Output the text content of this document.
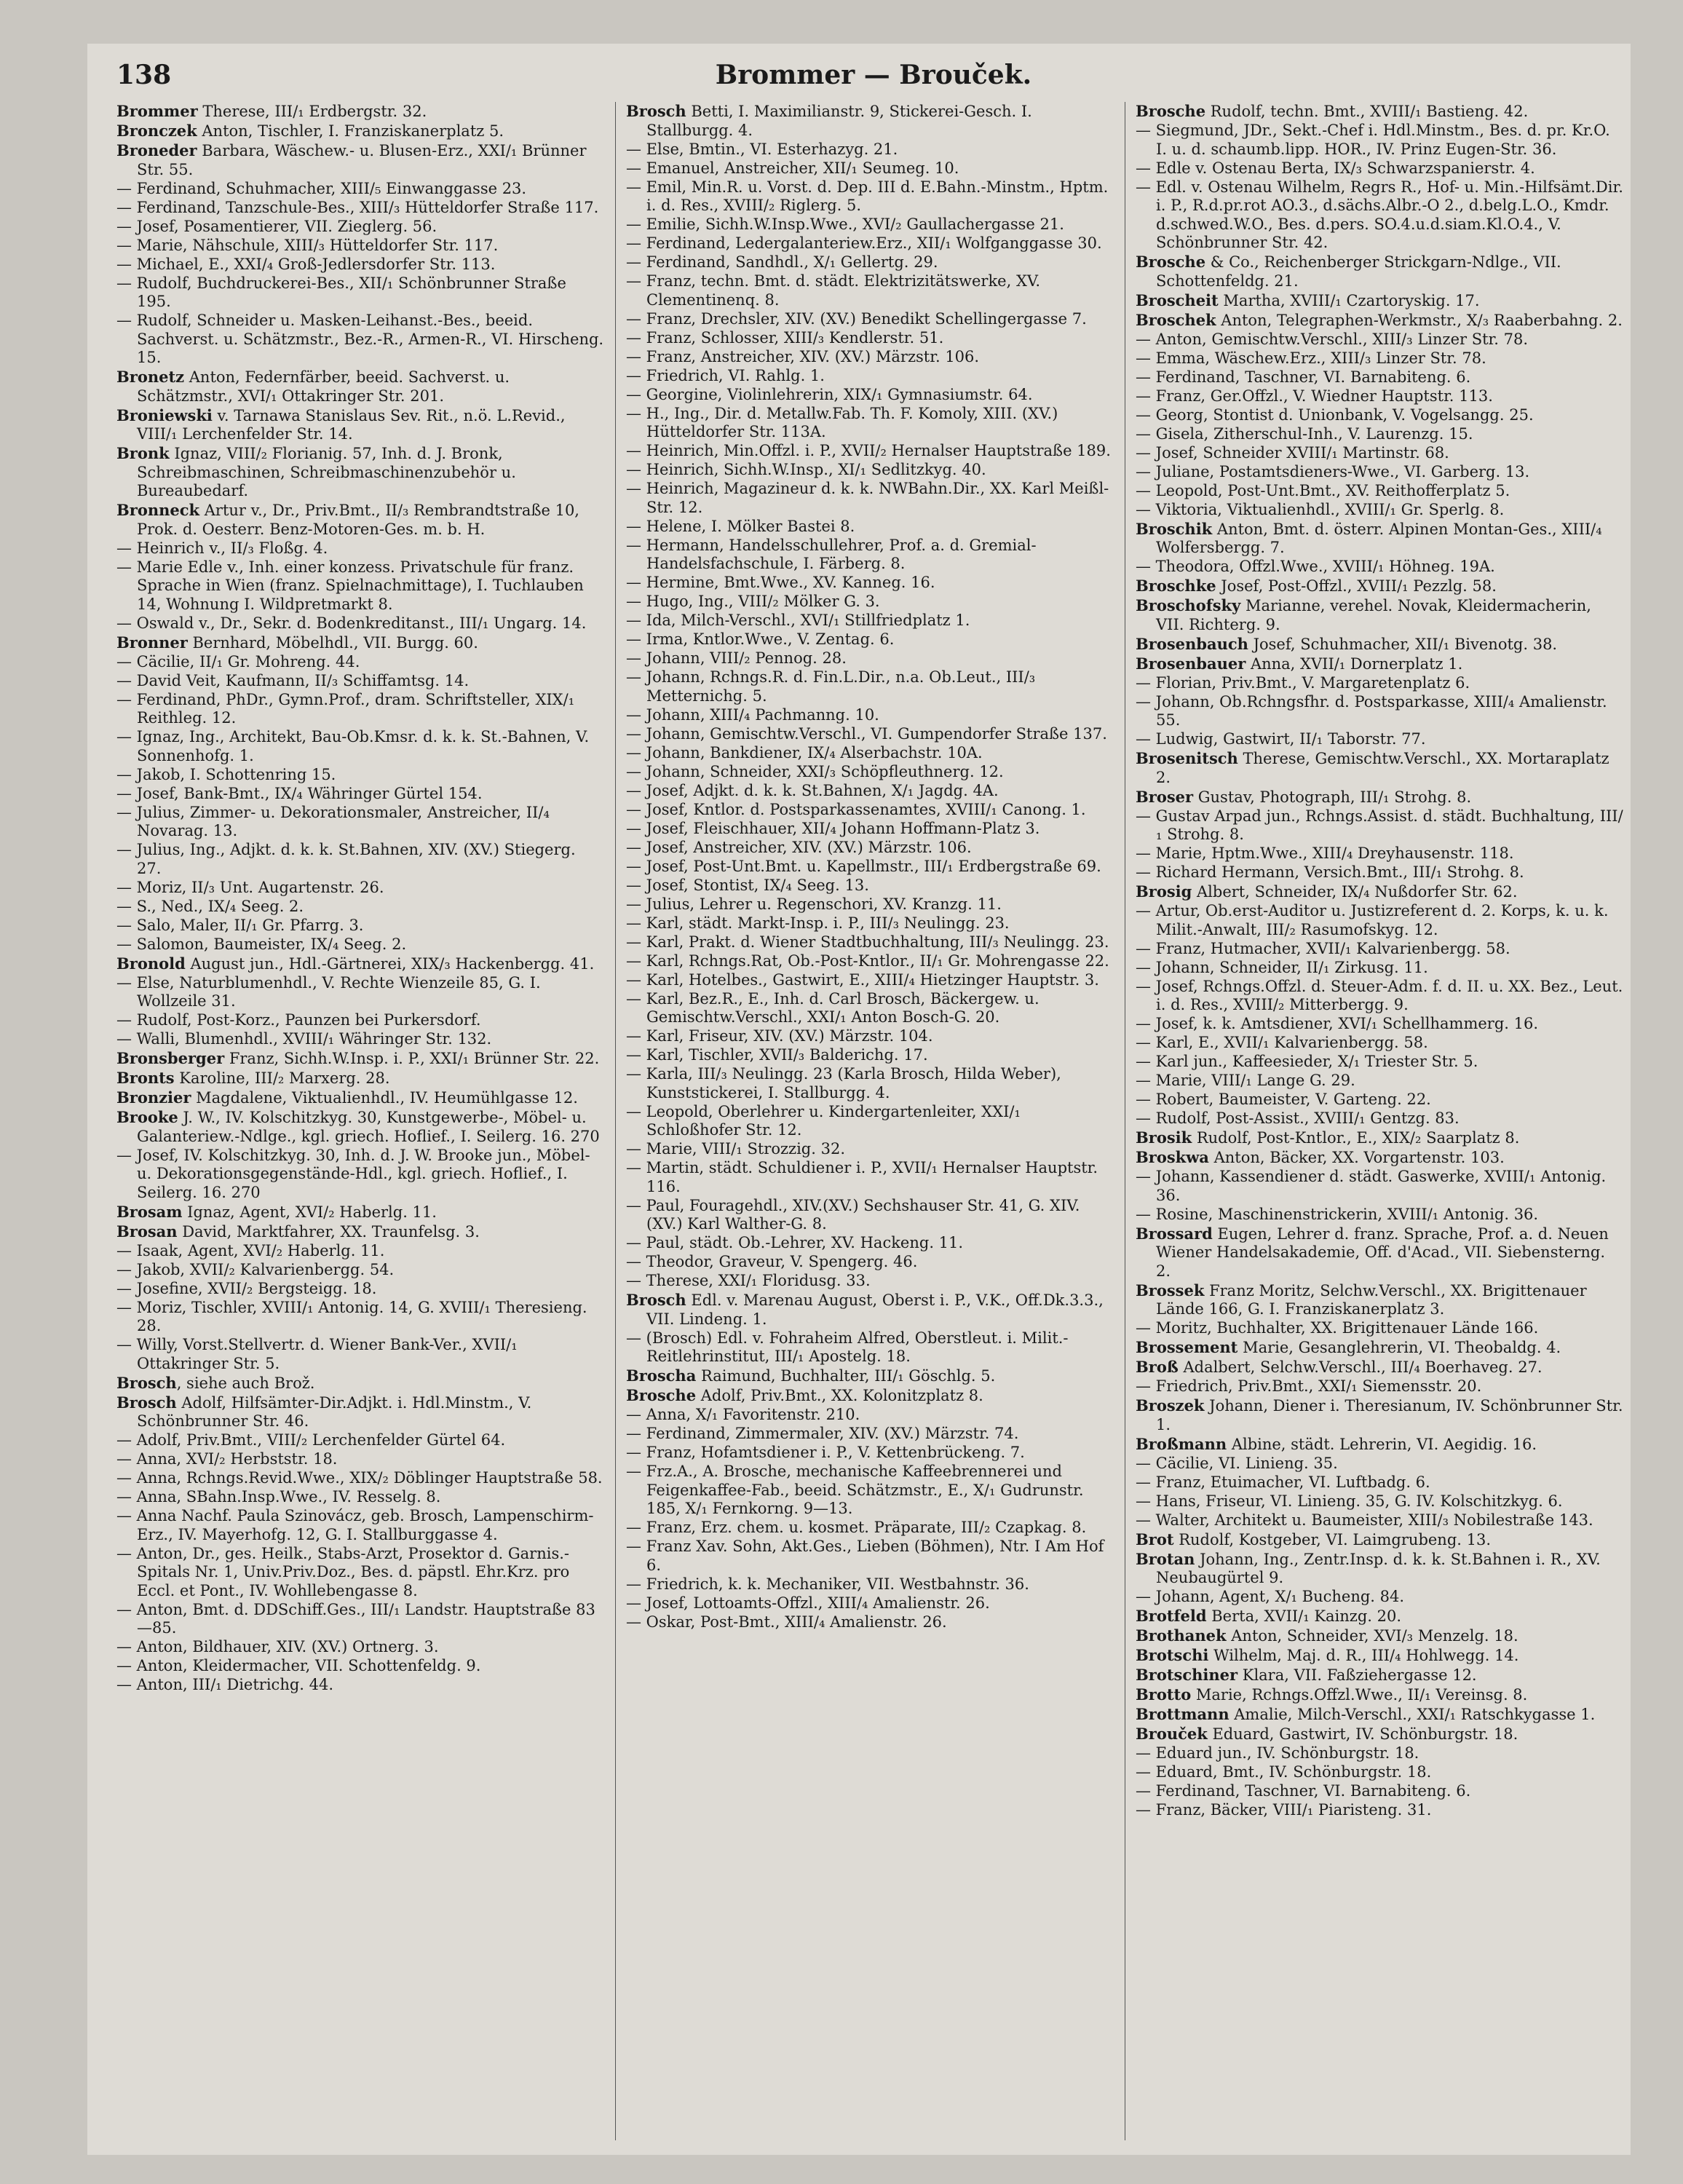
138	Brommer — Brouček.
Brommer Therese, III/₁ Erdbergstr. 32.
Bronczek Anton, Tischler, I. Franziskanerplatz 5.
Broneder Barbara, Wäschew.- u. Blusen-Erz., XXI/₁ Brünner Str. 55.
— Ferdinand, Schuhmacher, XIII/₅ Einwanggasse 23.
— Ferdinand, Tanzschule-Bes., XIII/₃ Hütteldorfer Straße 117.
— Josef, Posamentierer, VII. Zieglerg. 56.
— Marie, Nähschule, XIII/₃ Hütteldorfer Str. 117.
— Michael, E., XXI/₄ Groß-Jedlersdorfer Str. 113.
— Rudolf, Buchdruckerei-Bes., XII/₁ Schönbrunner Straße 195.
— Rudolf, Schneider u. Masken-Leihanst.-Bes., beeid. Sachverst. u. Schätzmstr., Bez.-R., Armen-R., VI. Hirscheng. 15.
Bronetz Anton, Federnfärber, beeid. Sachverst. u. Schätzmstr., XVI/₁ Ottakringer Str. 201.
Broniewski v. Tarnawa Stanislaus Sev. Rit., n.ö. L.Revid., VIII/₁ Lerchenfelder Str. 14.
Bronk Ignaz, VIII/₂ Florianig. 57, Inh. d. J. Bronk, Schreibmaschinen, Schreibmaschinenzubehör u. Bureaubedarf.
Bronneck Artur v., Dr., Priv.Bmt., II/₃ Rembrandtstraße 10, Prok. d. Oesterr. Benz-Motoren-Ges. m. b. H.
— Heinrich v., II/₃ Floßg. 4.
— Marie Edle v., Inh. einer konzess. Privatschule für franz. Sprache in Wien (franz. Spielnachmittage), I. Tuchlauben 14, Wohnung I. Wildpretmarkt 8.
— Oswald v., Dr., Sekr. d. Bodenkreditanst., III/₁ Ungarg. 14.
Bronner Bernhard, Möbelhdl., VII. Burgg. 60.
— Cäcilie, II/₁ Gr. Mohreng. 44.
— David Veit, Kaufmann, II/₃ Schiffamtsg. 14.
— Ferdinand, PhDr., Gymn.Prof., dram. Schriftsteller, XIX/₁ Reithleg. 12.
— Ignaz, Ing., Architekt, Bau-Ob.Kmsr. d. k. k. St.-Bahnen, V. Sonnenhofg. 1.
— Jakob, I. Schottenring 15.
— Josef, Bank-Bmt., IX/₄ Währinger Gürtel 154.
— Julius, Zimmer- u. Dekorationsmaler, Anstreicher, II/₄ Novarag. 13.
— Julius, Ing., Adjkt. d. k. k. St.Bahnen, XIV. (XV.) Stiegerg. 27.
— Moriz, II/₃ Unt. Augartenstr. 26.
— S., Ned., IX/₄ Seeg. 2.
— Salo, Maler, II/₁ Gr. Pfarrg. 3.
— Salomon, Baumeister, IX/₄ Seeg. 2.
Bronold August jun., Hdl.-Gärtnerei, XIX/₃ Hackenbergg. 41.
— Else, Naturblumenhdl., V. Rechte Wienzeile 85, G. I. Wollzeile 31.
— Rudolf, Post-Korz., Paunzen bei Purkersdorf.
— Walli, Blumenhdl., XVIII/₁ Währinger Str. 132.
Bronsberger Franz, Sichh.W.Insp. i. P., XXI/₁ Brünner Str. 22.
Bronts Karoline, III/₂ Marxerg. 28.
Bronzier Magdalene, Viktualienhdl., IV. Heumühlgasse 12.
Brooke J. W., IV. Kolschitzkyg. 30, Kunstgewerbe-, Möbel- u. Galanteriew.-Ndlge., kgl. griech. Hoflief., I. Seilerg. 16. 270
— Josef, IV. Kolschitzkyg. 30, Inh. d. J. W. Brooke jun., Möbel- u. Dekorationsgegenstände-Hdl., kgl. griech. Hoflief., I. Seilerg. 16. 270
Brosam Ignaz, Agent, XVI/₂ Haberlg. 11.
Brosan David, Marktfahrer, XX. Traunfelsg. 3.
— Isaak, Agent, XVI/₂ Haberlg. 11.
— Jakob, XVII/₂ Kalvarienbergg. 54.
— Josefine, XVII/₂ Bergsteigg. 18.
— Moriz, Tischler, XVIII/₁ Antonig. 14, G. XVIII/₁ Theresieng. 28.
— Willy, Vorst.Stellvertr. d. Wiener Bank-Ver., XVII/₁ Ottakringer Str. 5.
Brosch, siehe auch Brož.
Brosch Adolf, Hilfsämter-Dir.Adjkt. i. Hdl.Minstm., V. Schönbrunner Str. 46.
— Adolf, Priv.Bmt., VIII/₂ Lerchenfelder Gürtel 64.
— Anna, XVI/₂ Herbststr. 18.
— Anna, Rchngs.Revid.Wwe., XIX/₂ Döblinger Hauptstraße 58.
— Anna, SBahn.Insp.Wwe., IV. Resselg. 8.
— Anna Nachf. Paula Szinovácz, geb. Brosch, Lampenschirm-Erz., IV. Mayerhofg. 12, G. I. Stallburggasse 4.
— Anton, Dr., ges. Heilk., Stabs-Arzt, Prosektor d. Garnis.-Spitals Nr. 1, Univ.Priv.Doz., Bes. d. päpstl. Ehr.Krz. pro Eccl. et Pont., IV. Wohllebengasse 8.
— Anton, Bmt. d. DDSchiff.Ges., III/₁ Landstr. Hauptstraße 83—85.
— Anton, Bildhauer, XIV. (XV.) Ortnerg. 3.
— Anton, Kleidermacher, VII. Schottenfeldg. 9.
— Anton, III/₁ Dietrichg. 44.
Brosch Betti, I. Maximilianstr. 9, Stickerei-Gesch. I. Stallburgg. 4.
— Else, Bmtin., VI. Esterhazyg. 21.
— Emanuel, Anstreicher, XII/₁ Seumeg. 10.
— Emil, Min.R. u. Vorst. d. Dep. III d. E.Bahn.-Minstm., Hptm. i. d. Res., XVIII/₂ Riglerg. 5.
— Emilie, Sichh.W.Insp.Wwe., XVI/₂ Gaullachergasse 21.
— Ferdinand, Ledergalanteriew.Erz., XII/₁ Wolfganggasse 30.
— Ferdinand, Sandhdl., X/₁ Gellertg. 29.
— Franz, techn. Bmt. d. städt. Elektrizitätswerke, XV. Clementinenq. 8.
— Franz, Drechsler, XIV. (XV.) Benedikt Schellingergasse 7.
— Franz, Schlosser, XIII/₃ Kendlerstr. 51.
— Franz, Anstreicher, XIV. (XV.) Märzstr. 106.
— Friedrich, VI. Rahlg. 1.
— Georgine, Violinlehrerin, XIX/₁ Gymnasiumstr. 64.
— H., Ing., Dir. d. Metallw.Fab. Th. F. Komoly, XIII. (XV.) Hütteldorfer Str. 113A.
— Heinrich, Min.Offzl. i. P., XVII/₂ Hernalser Hauptstraße 189.
— Heinrich, Sichh.W.Insp., XI/₁ Sedlitzkyg. 40.
— Heinrich, Magazineur d. k. k. NWBahn.Dir., XX. Karl Meißl-Str. 12.
— Helene, I. Mölker Bastei 8.
— Hermann, Handelsschullehrer, Prof. a. d. Gremial-Handelsfachschule, I. Färberg. 8.
— Hermine, Bmt.Wwe., XV. Kanneg. 16.
— Hugo, Ing., VIII/₂ Mölker G. 3.
— Ida, Milch-Verschl., XVI/₁ Stillfriedplatz 1.
— Irma, Kntlor.Wwe., V. Zentag. 6.
— Johann, VIII/₂ Pennog. 28.
— Johann, Rchngs.R. d. Fin.L.Dir., n.a. Ob.Leut., III/₃ Metternichg. 5.
— Johann, XIII/₄ Pachmanng. 10.
— Johann, Gemischtw.Verschl., VI. Gumpendorfer Straße 137.
— Johann, Bankdiener, IX/₄ Alserbachstr. 10A.
— Johann, Schneider, XXI/₃ Schöpfleuthnerg. 12.
— Josef, Adjkt. d. k. k. St.Bahnen, X/₁ Jagdg. 4A.
— Josef, Kntlor. d. Postsparkassenamtes, XVIII/₁ Canong. 1.
— Josef, Fleischhauer, XII/₄ Johann Hoffmann-Platz 3.
— Josef, Anstreicher, XIV. (XV.) Märzstr. 106.
— Josef, Post-Unt.Bmt. u. Kapellmstr., III/₁ Erdbergstraße 69.
— Josef, Stontist, IX/₄ Seeg. 13.
— Julius, Lehrer u. Regenschori, XV. Kranzg. 11.
— Karl, städt. Markt-Insp. i. P., III/₃ Neulingg. 23.
— Karl, Prakt. d. Wiener Stadtbuchhaltung, III/₃ Neulingg. 23.
— Karl, Rchngs.Rat, Ob.-Post-Kntlor., II/₁ Gr. Mohrengasse 22.
— Karl, Hotelbes., Gastwirt, E., XIII/₄ Hietzinger Hauptstr. 3.
— Karl, Bez.R., E., Inh. d. Carl Brosch, Bäckergew. u. Gemischtw.Verschl., XXI/₁ Anton Bosch-G. 20.
— Karl, Friseur, XIV. (XV.) Märzstr. 104.
— Karl, Tischler, XVII/₃ Balderichg. 17.
— Karla, III/₃ Neulingg. 23 (Karla Brosch, Hilda Weber), Kunststickerei, I. Stallburgg. 4.
— Leopold, Oberlehrer u. Kindergartenleiter, XXI/₁ Schloßhofer Str. 12.
— Marie, VIII/₁ Strozzig. 32.
— Martin, städt. Schuldiener i. P., XVII/₁ Hernalser Hauptstr. 116.
— Paul, Fouragehdl., XIV.(XV.) Sechshauser Str. 41, G. XIV. (XV.) Karl Walther-G. 8.
— Paul, städt. Ob.-Lehrer, XV. Hackeng. 11.
— Theodor, Graveur, V. Spengerg. 46.
— Therese, XXI/₁ Floridusg. 33.
Brosch Edl. v. Marenau August, Oberst i. P., V.K., Off.Dk.3.3., VII. Lindeng. 1.
— (Brosch) Edl. v. Fohraheim Alfred, Oberstleut. i. Milit.-Reitlehrinstitut, III/₁ Apostelg. 18.
Broscha Raimund, Buchhalter, III/₁ Göschlg. 5.
Brosche Adolf, Priv.Bmt., XX. Kolonitzplatz 8.
— Anna, X/₁ Favoritenstr. 210.
— Ferdinand, Zimmermaler, XIV. (XV.) Märzstr. 74.
— Franz, Hofamtsdiener i. P., V. Kettenbrückeng. 7.
— Frz.A., A. Brosche, mechanische Kaffeebrennerei und Feigenkaffee-Fab., beeid. Schätzmstr., E., X/₁ Gudrunstr. 185, X/₁ Fernkorng. 9—13.
— Franz, Erz. chem. u. kosmet. Präparate, III/₂ Czapkag. 8.
— Franz Xav. Sohn, Akt.Ges., Lieben (Böhmen), Ntr. I Am Hof 6.
— Friedrich, k. k. Mechaniker, VII. Westbahnstr. 36.
— Josef, Lottoamts-Offzl., XIII/₄ Amalienstr. 26.
— Oskar, Post-Bmt., XIII/₄ Amalienstr. 26.
Brosche Rudolf, techn. Bmt., XVIII/₁ Bastieng. 42.
— Siegmund, JDr., Sekt.-Chef i. Hdl.Minstm., Bes. d. pr. Kr.O. I. u. d. schaumb.lipp. HOR., IV. Prinz Eugen-Str. 36.
— Edle v. Ostenau Berta, IX/₃ Schwarzspanierstr. 4.
— Edl. v. Ostenau Wilhelm, Regrs R., Hof- u. Min.-Hilfsämt.Dir. i. P., R.d.pr.rot AO.3., d.sächs.Albr.-O 2., d.belg.L.O., Kmdr. d.schwed.W.O., Bes. d.pers. SO.4.u.d.siam.Kl.O.4., V. Schönbrunner Str. 42.
Brosche & Co., Reichenberger Strickgarn-Ndlge., VII. Schottenfeldg. 21.
Broscheit Martha, XVIII/₁ Czartoryskig. 17.
Broschek Anton, Telegraphen-Werkmstr., X/₃ Raaberbahng. 2.
— Anton, Gemischtw.Verschl., XIII/₃ Linzer Str. 78.
— Emma, Wäschew.Erz., XIII/₃ Linzer Str. 78.
— Ferdinand, Taschner, VI. Barnabiteng. 6.
— Franz, Ger.Offzl., V. Wiedner Hauptstr. 113.
— Georg, Stontist d. Unionbank, V. Vogelsangg. 25.
— Gisela, Zitherschul-Inh., V. Laurenzg. 15.
— Josef, Schneider XVIII/₁ Martinstr. 68.
— Juliane, Postamtsdieners-Wwe., VI. Garberg. 13.
— Leopold, Post-Unt.Bmt., XV. Reithofferplatz 5.
— Viktoria, Viktualienhdl., XVIII/₁ Gr. Sperlg. 8.
Broschik Anton, Bmt. d. österr. Alpinen Montan-Ges., XIII/₄ Wolfersbergg. 7.
— Theodora, Offzl.Wwe., XVIII/₁ Höhneg. 19A.
Broschke Josef, Post-Offzl., XVIII/₁ Pezzlg. 58.
Broschofsky Marianne, verehel. Novak, Kleidermacherin, VII. Richterg. 9.
Brosenbauch Josef, Schuhmacher, XII/₁ Bivenotg. 38.
Brosenbauer Anna, XVII/₁ Dornerplatz 1.
— Florian, Priv.Bmt., V. Margaretenplatz 6.
— Johann, Ob.Rchngsfhr. d. Postsparkasse, XIII/₄ Amalienstr. 55.
— Ludwig, Gastwirt, II/₁ Taborstr. 77.
Brosenitsch Therese, Gemischtw.Verschl., XX. Mortaraplatz 2.
Broser Gustav, Photograph, III/₁ Strohg. 8.
— Gustav Arpad jun., Rchngs.Assist. d. städt. Buchhaltung, III/₁ Strohg. 8.
— Marie, Hptm.Wwe., XIII/₄ Dreyhausenstr. 118.
— Richard Hermann, Versich.Bmt., III/₁ Strohg. 8.
Brosig Albert, Schneider, IX/₄ Nußdorfer Str. 62.
— Artur, Ob.erst-Auditor u. Justizreferent d. 2. Korps, k. u. k. Milit.-Anwalt, III/₂ Rasumofskyg. 12.
— Franz, Hutmacher, XVII/₁ Kalvarienbergg. 58.
— Johann, Schneider, II/₁ Zirkusg. 11.
— Josef, Rchngs.Offzl. d. Steuer-Adm. f. d. II. u. XX. Bez., Leut. i. d. Res., XVIII/₂ Mitterbergg. 9.
— Josef, k. k. Amtsdiener, XVI/₁ Schellhammerg. 16.
— Karl, E., XVII/₁ Kalvarienbergg. 58.
— Karl jun., Kaffeesieder, X/₁ Triester Str. 5.
— Marie, VIII/₁ Lange G. 29.
— Robert, Baumeister, V. Garteng. 22.
— Rudolf, Post-Assist., XVIII/₁ Gentzg. 83.
Brosik Rudolf, Post-Kntlor., E., XIX/₂ Saarplatz 8.
Broskwa Anton, Bäcker, XX. Vorgartenstr. 103.
— Johann, Kassendiener d. städt. Gaswerke, XVIII/₁ Antonig. 36.
— Rosine, Maschinenstrickerin, XVIII/₁ Antonig. 36.
Brossard Eugen, Lehrer d. franz. Sprache, Prof. a. d. Neuen Wiener Handelsakademie, Off. d'Acad., VII. Siebensterng. 2.
Brossek Franz Moritz, Selchw.Verschl., XX. Brigittenauer Lände 166, G. I. Franziskanerplatz 3.
— Moritz, Buchhalter, XX. Brigittenauer Lände 166.
Brossement Marie, Gesanglehrerin, VI. Theobaldg. 4.
Broß Adalbert, Selchw.Verschl., III/₄ Boerhaveg. 27.
— Friedrich, Priv.Bmt., XXI/₁ Siemensstr. 20.
Broszek Johann, Diener i. Theresianum, IV. Schönbrunner Str. 1.
Broßmann Albine, städt. Lehrerin, VI. Aegidig. 16.
— Cäcilie, VI. Linieng. 35.
— Franz, Etuimacher, VI. Luftbadg. 6.
— Hans, Friseur, VI. Linieng. 35, G. IV. Kolschitzkyg. 6.
— Walter, Architekt u. Baumeister, XIII/₃ Nobilestraße 143.
Brot Rudolf, Kostgeber, VI. Laimgrubeng. 13.
Brotan Johann, Ing., Zentr.Insp. d. k. k. St.Bahnen i. R., XV. Neubaugürtel 9.
— Johann, Agent, X/₁ Bucheng. 84.
Brotfeld Berta, XVII/₁ Kainzg. 20.
Brothanek Anton, Schneider, XVI/₃ Menzelg. 18.
Brotschi Wilhelm, Maj. d. R., III/₄ Hohlwegg. 14.
Brotschiner Klara, VII. Faßziehergasse 12.
Brotto Marie, Rchngs.Offzl.Wwe., II/₁ Vereinsg. 8.
Brottmann Amalie, Milch-Verschl., XXI/₁ Ratschkygasse 1.
Brouček Eduard, Gastwirt, IV. Schönburgstr. 18.
— Eduard jun., IV. Schönburgstr. 18.
— Eduard, Bmt., IV. Schönburgstr. 18.
— Ferdinand, Taschner, VI. Barnabiteng. 6.
— Franz, Bäcker, VIII/₁ Piaristeng. 31.
